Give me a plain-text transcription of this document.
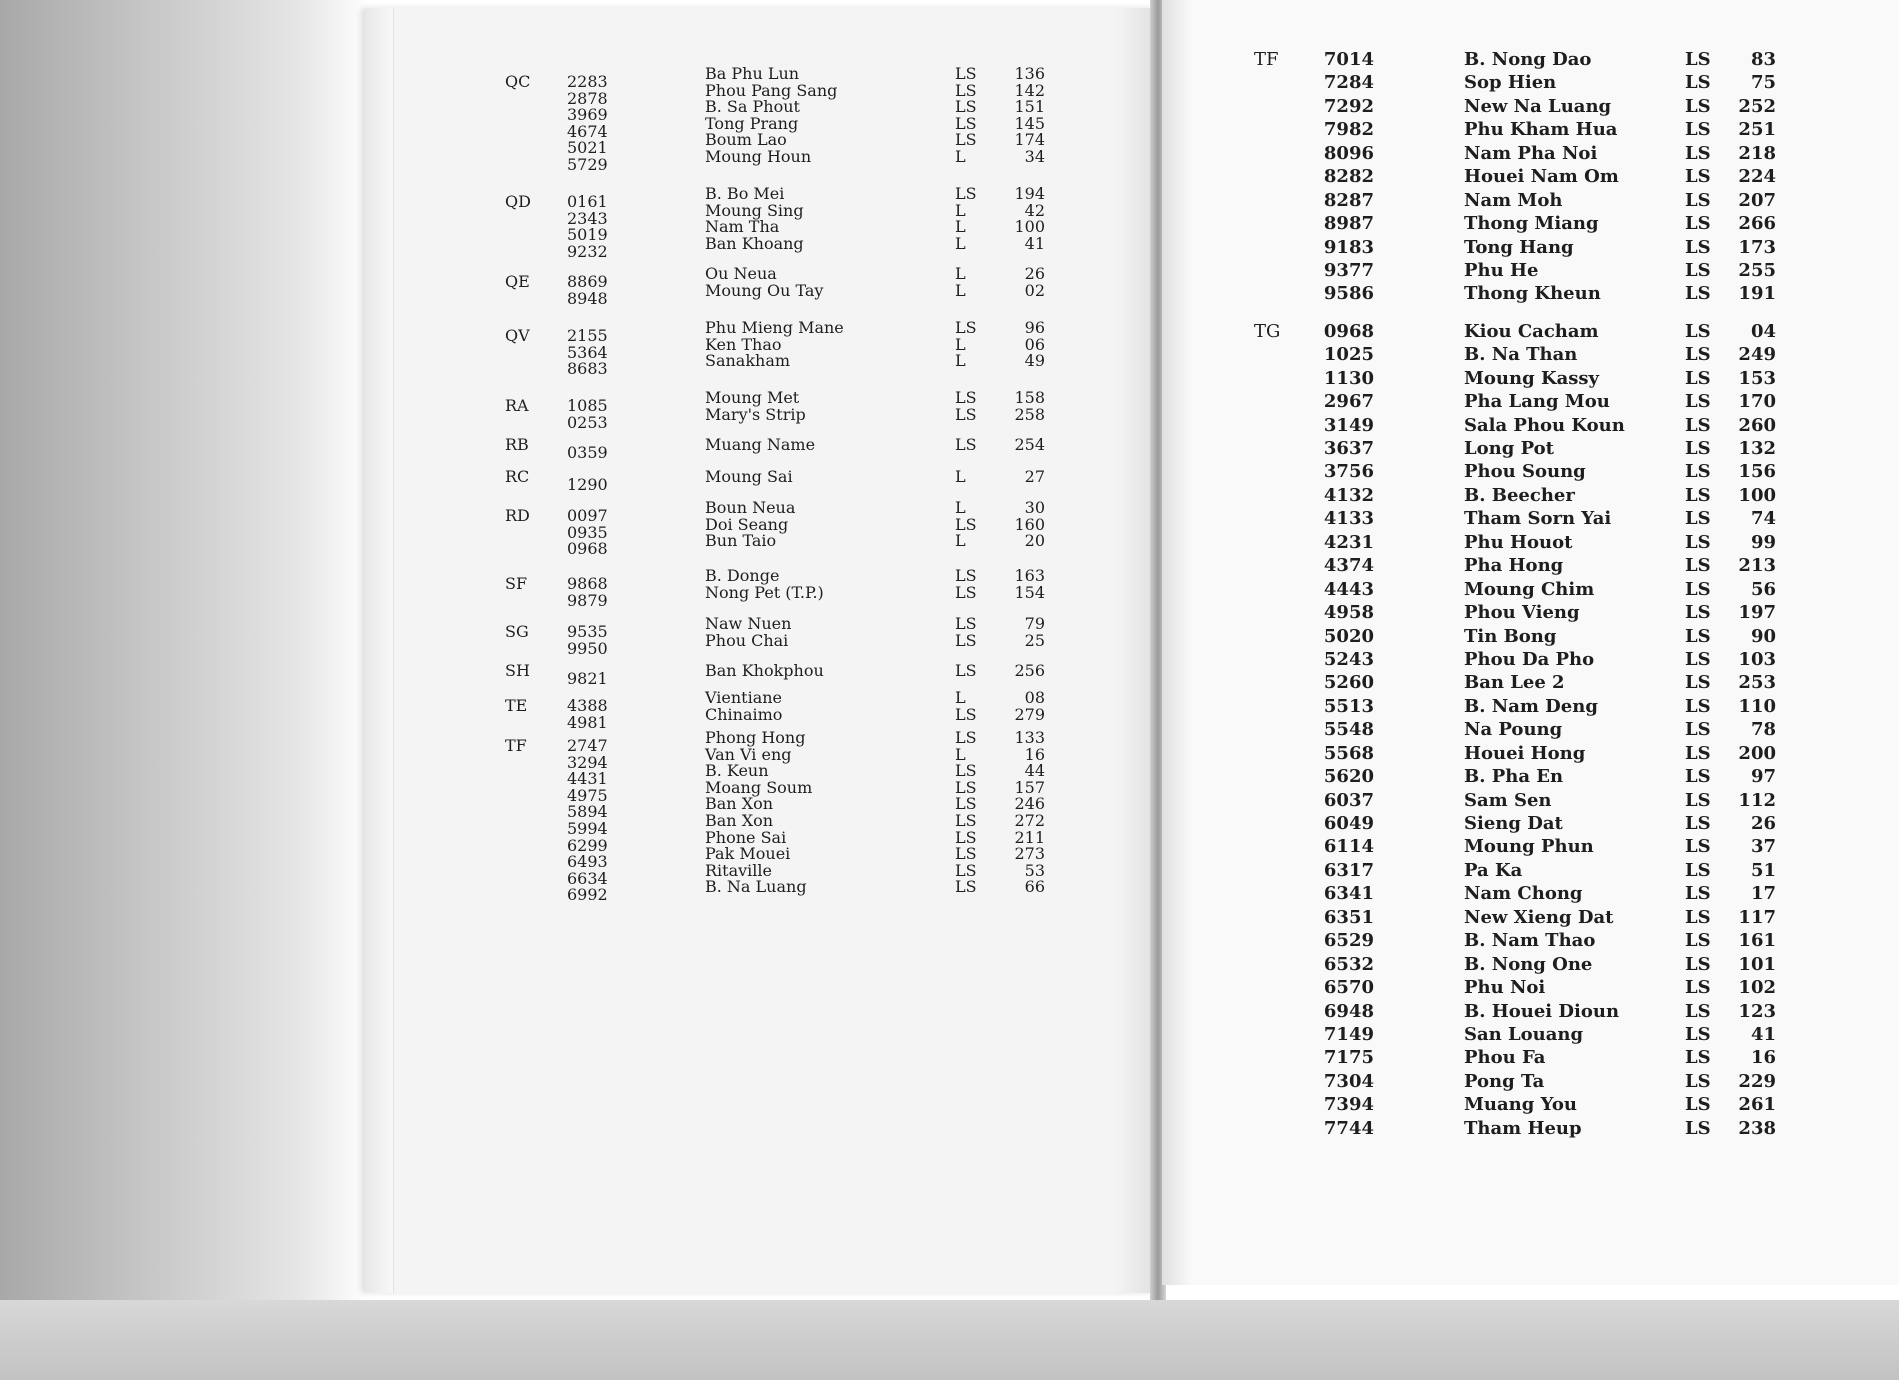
QC	2283	Ba Phu Lun	LS	136
2878	Phou Pang Sang	LS	142
3969	B. Sa Phout	LS	151
4674	Tong Prang	LS	145
5021	Boum Lao	LS	174
5729	Moung Houn	L	34
QD	0161	B. Bo Mei	LS	194
2343	Moung Sing	L	42
5019	Nam Tha	L	100
9232	Ban Khoang	L	41
QE	8869	Ou Neua	L	26
8948	Moung Ou Tay	L	02
QV	2155	Phu Mieng Mane	LS	96
5364	Ken Thao	L	06
8683	Sanakham	L	49
RA	1085	Moung Met	LS	158
0253	Mary's Strip	LS	258
RB	0359	Muang Name	LS	254
RC	1290	Moung Sai	L	27
RD	0097	Boun Neua	L	30
0935	Doi Seang	LS	160
0968	Bun Taio	L	20
SF	9868	B. Donge	LS	163
9879	Nong Pet (T.P.)	LS	154
SG	9535	Naw Nuen	LS	79
9950	Phou Chai	LS	25
SH	9821	Ban Khokphou	LS	256
TE	4388	Vientiane	L	08
4981	Chinaimo	LS	279
TF	2747	Phong Hong	LS	133
3294	Van Vi eng	L	16
4431	B. Keun	LS	44
4975	Moang Soum	LS	157
5894	Ban Xon	LS	246
5994	Ban Xon	LS	272
6299	Phone Sai	LS	211
6493	Pak Mouei	LS	273
6634	Ritaville	LS	53
6992	B. Na Luang	LS	66
TF	7014	B. Nong Dao	LS	83
7284	Sop Hien	LS	75
7292	New Na Luang	LS	252
7982	Phu Kham Hua	LS	251
8096	Nam Pha Noi	LS	218
8282	Houei Nam Om	LS	224
8287	Nam Moh	LS	207
8987	Thong Miang	LS	266
9183	Tong Hang	LS	173
9377	Phu He	LS	255
9586	Thong Kheun	LS	191
TG	0968	Kiou Cacham	LS	04
1025	B. Na Than	LS	249
1130	Moung Kassy	LS	153
2967	Pha Lang Mou	LS	170
3149	Sala Phou Koun	LS	260
3637	Long Pot	LS	132
3756	Phou Soung	LS	156
4132	B. Beecher	LS	100
4133	Tham Sorn Yai	LS	74
4231	Phu Houot	LS	99
4374	Pha Hong	LS	213
4443	Moung Chim	LS	56
4958	Phou Vieng	LS	197
5020	Tin Bong	LS	90
5243	Phou Da Pho	LS	103
5260	Ban Lee 2	LS	253
5513	B. Nam Deng	LS	110
5548	Na Poung	LS	78
5568	Houei Hong	LS	200
5620	B. Pha En	LS	97
6037	Sam Sen	LS	112
6049	Sieng Dat	LS	26
6114	Moung Phun	LS	37
6317	Pa Ka	LS	51
6341	Nam Chong	LS	17
6351	New Xieng Dat	LS	117
6529	B. Nam Thao	LS	161
6532	B. Nong One	LS	101
6570	Phu Noi	LS	102
6948	B. Houei Dioun	LS	123
7149	San Louang	LS	41
7175	Phou Fa	LS	16
7304	Pong Ta	LS	229
7394	Muang You	LS	261
7744	Tham Heup	LS	238
